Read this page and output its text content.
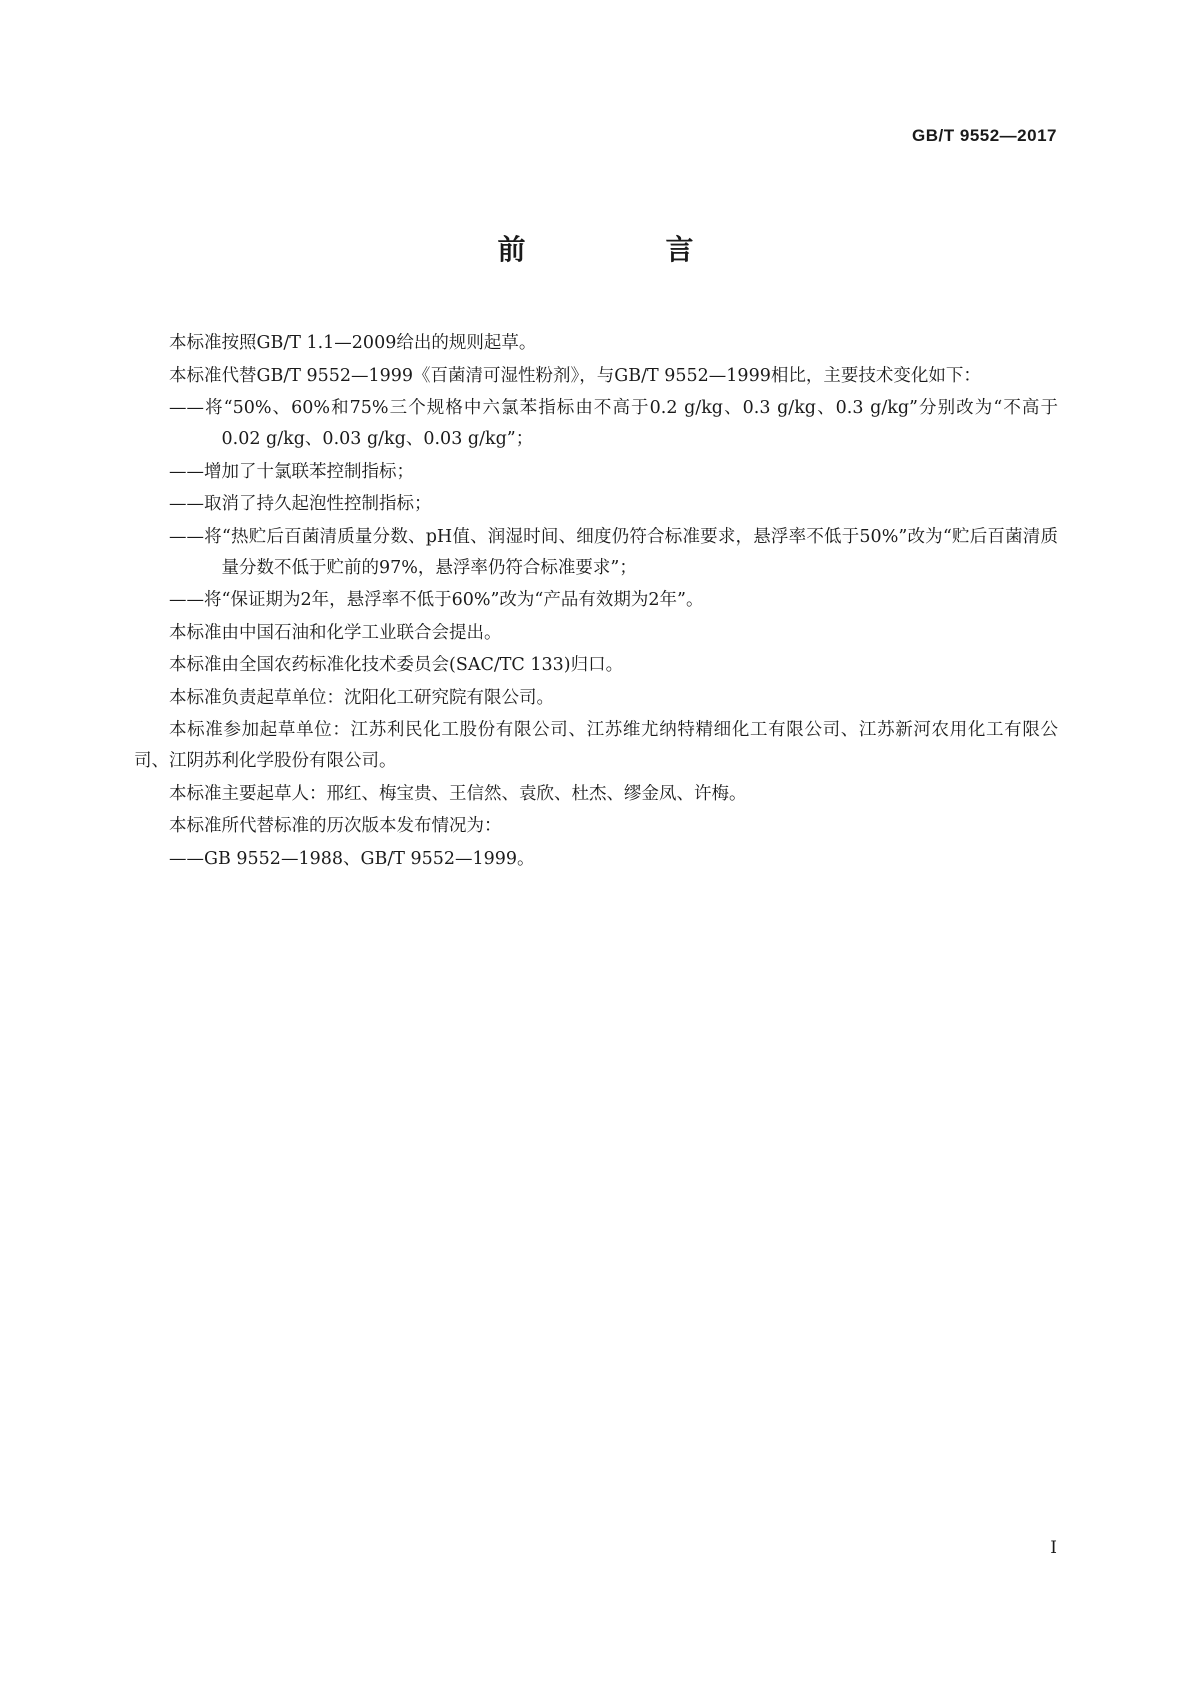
GB/T 9552—2017
前　言

本标准按照GB/T 1.1—2009给出的规则起草。

本标准代替GB/T 9552—1999《百菌清可湿性粉剂》，与GB/T 9552—1999相比，主要技术变化如下：

——将“50%、60%和75%三个规格中六氯苯指标由不高于0.2 g/kg、0.3 g/kg、0.3 g/kg”分别改为“不高于0.02 g/kg、0.03 g/kg、0.03 g/kg”；

——增加了十氯联苯控制指标；

——取消了持久起泡性控制指标；

——将“热贮后百菌清质量分数、pH值、润湿时间、细度仍符合标准要求，悬浮率不低于50%”改为“贮后百菌清质量分数不低于贮前的97%，悬浮率仍符合标准要求”；

——将“保证期为2年，悬浮率不低于60%”改为“产品有效期为2年”。

本标准由中国石油和化学工业联合会提出。

本标准由全国农药标准化技术委员会(SAC/TC 133)归口。

本标准负责起草单位：沈阳化工研究院有限公司。

本标准参加起草单位：江苏利民化工股份有限公司、江苏维尤纳特精细化工有限公司、江苏新河农用化工有限公司、江阴苏利化学股份有限公司。

本标准主要起草人：邢红、梅宝贵、王信然、袁欣、杜杰、缪金凤、许梅。

本标准所代替标准的历次版本发布情况为：

——GB 9552—1988、GB/T 9552—1999。

I
